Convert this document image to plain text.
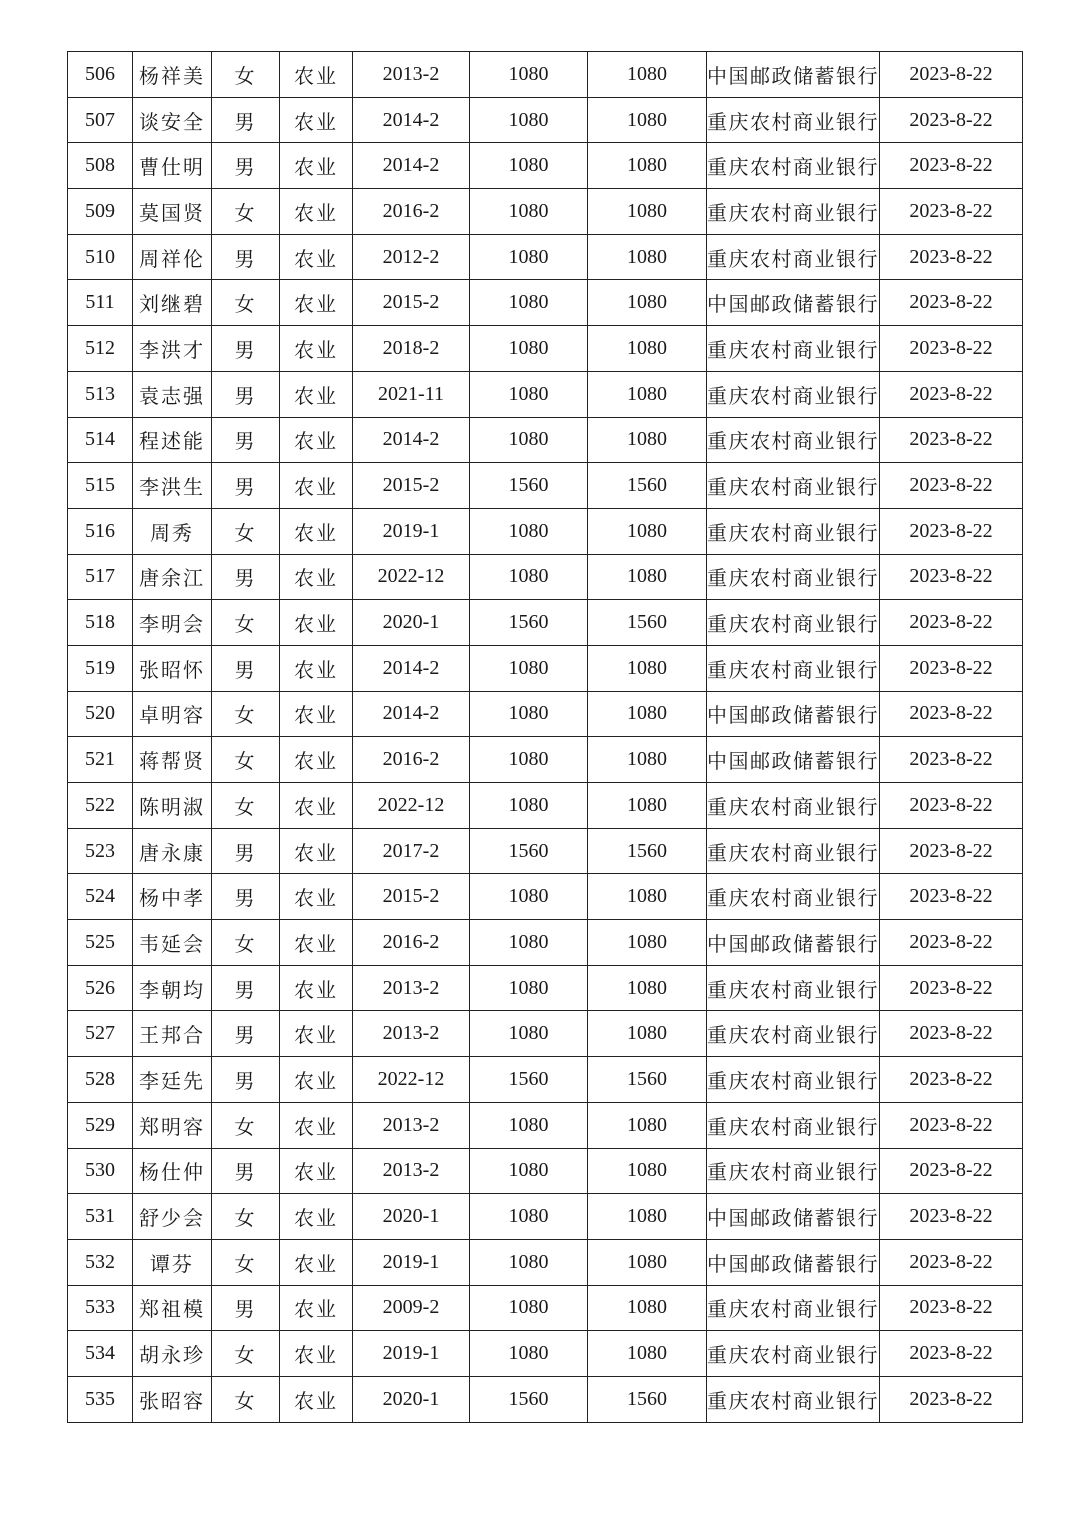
506	杨祥美	女	农业	2013-2	1080	1080	中国邮政储蓄银行	2023-8-22
507	谈安全	男	农业	2014-2	1080	1080	重庆农村商业银行	2023-8-22
508	曹仕明	男	农业	2014-2	1080	1080	重庆农村商业银行	2023-8-22
509	莫国贤	女	农业	2016-2	1080	1080	重庆农村商业银行	2023-8-22
510	周祥伦	男	农业	2012-2	1080	1080	重庆农村商业银行	2023-8-22
511	刘继碧	女	农业	2015-2	1080	1080	中国邮政储蓄银行	2023-8-22
512	李洪才	男	农业	2018-2	1080	1080	重庆农村商业银行	2023-8-22
513	袁志强	男	农业	2021-11	1080	1080	重庆农村商业银行	2023-8-22
514	程述能	男	农业	2014-2	1080	1080	重庆农村商业银行	2023-8-22
515	李洪生	男	农业	2015-2	1560	1560	重庆农村商业银行	2023-8-22
516	周秀	女	农业	2019-1	1080	1080	重庆农村商业银行	2023-8-22
517	唐余江	男	农业	2022-12	1080	1080	重庆农村商业银行	2023-8-22
518	李明会	女	农业	2020-1	1560	1560	重庆农村商业银行	2023-8-22
519	张昭怀	男	农业	2014-2	1080	1080	重庆农村商业银行	2023-8-22
520	卓明容	女	农业	2014-2	1080	1080	中国邮政储蓄银行	2023-8-22
521	蒋帮贤	女	农业	2016-2	1080	1080	中国邮政储蓄银行	2023-8-22
522	陈明淑	女	农业	2022-12	1080	1080	重庆农村商业银行	2023-8-22
523	唐永康	男	农业	2017-2	1560	1560	重庆农村商业银行	2023-8-22
524	杨中孝	男	农业	2015-2	1080	1080	重庆农村商业银行	2023-8-22
525	韦延会	女	农业	2016-2	1080	1080	中国邮政储蓄银行	2023-8-22
526	李朝均	男	农业	2013-2	1080	1080	重庆农村商业银行	2023-8-22
527	王邦合	男	农业	2013-2	1080	1080	重庆农村商业银行	2023-8-22
528	李廷先	男	农业	2022-12	1560	1560	重庆农村商业银行	2023-8-22
529	郑明容	女	农业	2013-2	1080	1080	重庆农村商业银行	2023-8-22
530	杨仕仲	男	农业	2013-2	1080	1080	重庆农村商业银行	2023-8-22
531	舒少会	女	农业	2020-1	1080	1080	中国邮政储蓄银行	2023-8-22
532	谭芬	女	农业	2019-1	1080	1080	中国邮政储蓄银行	2023-8-22
533	郑祖模	男	农业	2009-2	1080	1080	重庆农村商业银行	2023-8-22
534	胡永珍	女	农业	2019-1	1080	1080	重庆农村商业银行	2023-8-22
535	张昭容	女	农业	2020-1	1560	1560	重庆农村商业银行	2023-8-22
